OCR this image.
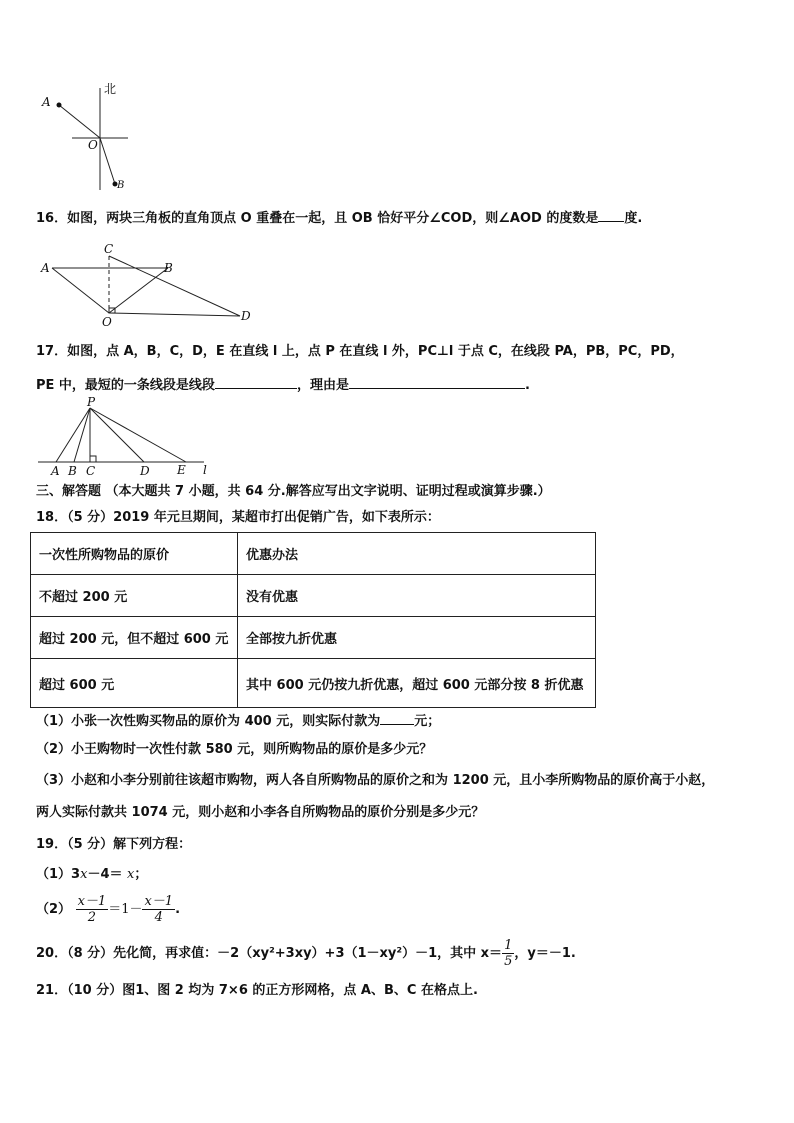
北
A
O
B
16．如图，两块三角板的直角顶点 O 重叠在一起，且 OB 恰好平分∠COD，则∠AOD 的度数是 度.
C
A	B
O	D
17．如图，点 A，B，C，D，E 在直线 l 上，点 P 在直线 l 外，PC⊥l 于点 C，在线段 PA，PB，PC，PD，
PE 中，最短的一条线段是线段	，理由是	.
P
A B C	D E l
三、解答题 （本大题共 7 小题，共 64 分.解答应写出文字说明、证明过程或演算步骤.）
18．（5 分）2019 年元旦期间，某超市打出促销广告，如下表所示：
一次性所购物品的原价	优惠办法
不超过 200 元	没有优惠
超过 200 元，但不超过 600 元	全部按九折优惠
超过 600 元	其中 600 元仍按九折优惠，超过 600 元部分按 8 折优惠
（1）小张一次性购买物品的原价为 400 元，则实际付款为	元；
（2）小王购物时一次性付款 580 元，则所购物品的原价是多少元？
（3）小赵和小李分别前往该超市购物，两人各自所购物品的原价之和为 1200 元，且小李所购物品的原价高于小赵，
两人实际付款共 1074 元，则小赵和小李各自所购物品的原价分别是多少元？
19．（5 分）解下列方程：
（1）3x－4＝ x；
$(2) \frac{x-1}{2} =1- \frac{x-1}{4}$ .
20．（8 分）先化简，再求值：－2（xy²+3xy）+3（1－xy²）－1，其中 $x= \frac{1}{5}$ ，y＝－1.
21．（10 分）图1、图 2 均为 7×6 的正方形网格，点 A、B、C 在格点上.
